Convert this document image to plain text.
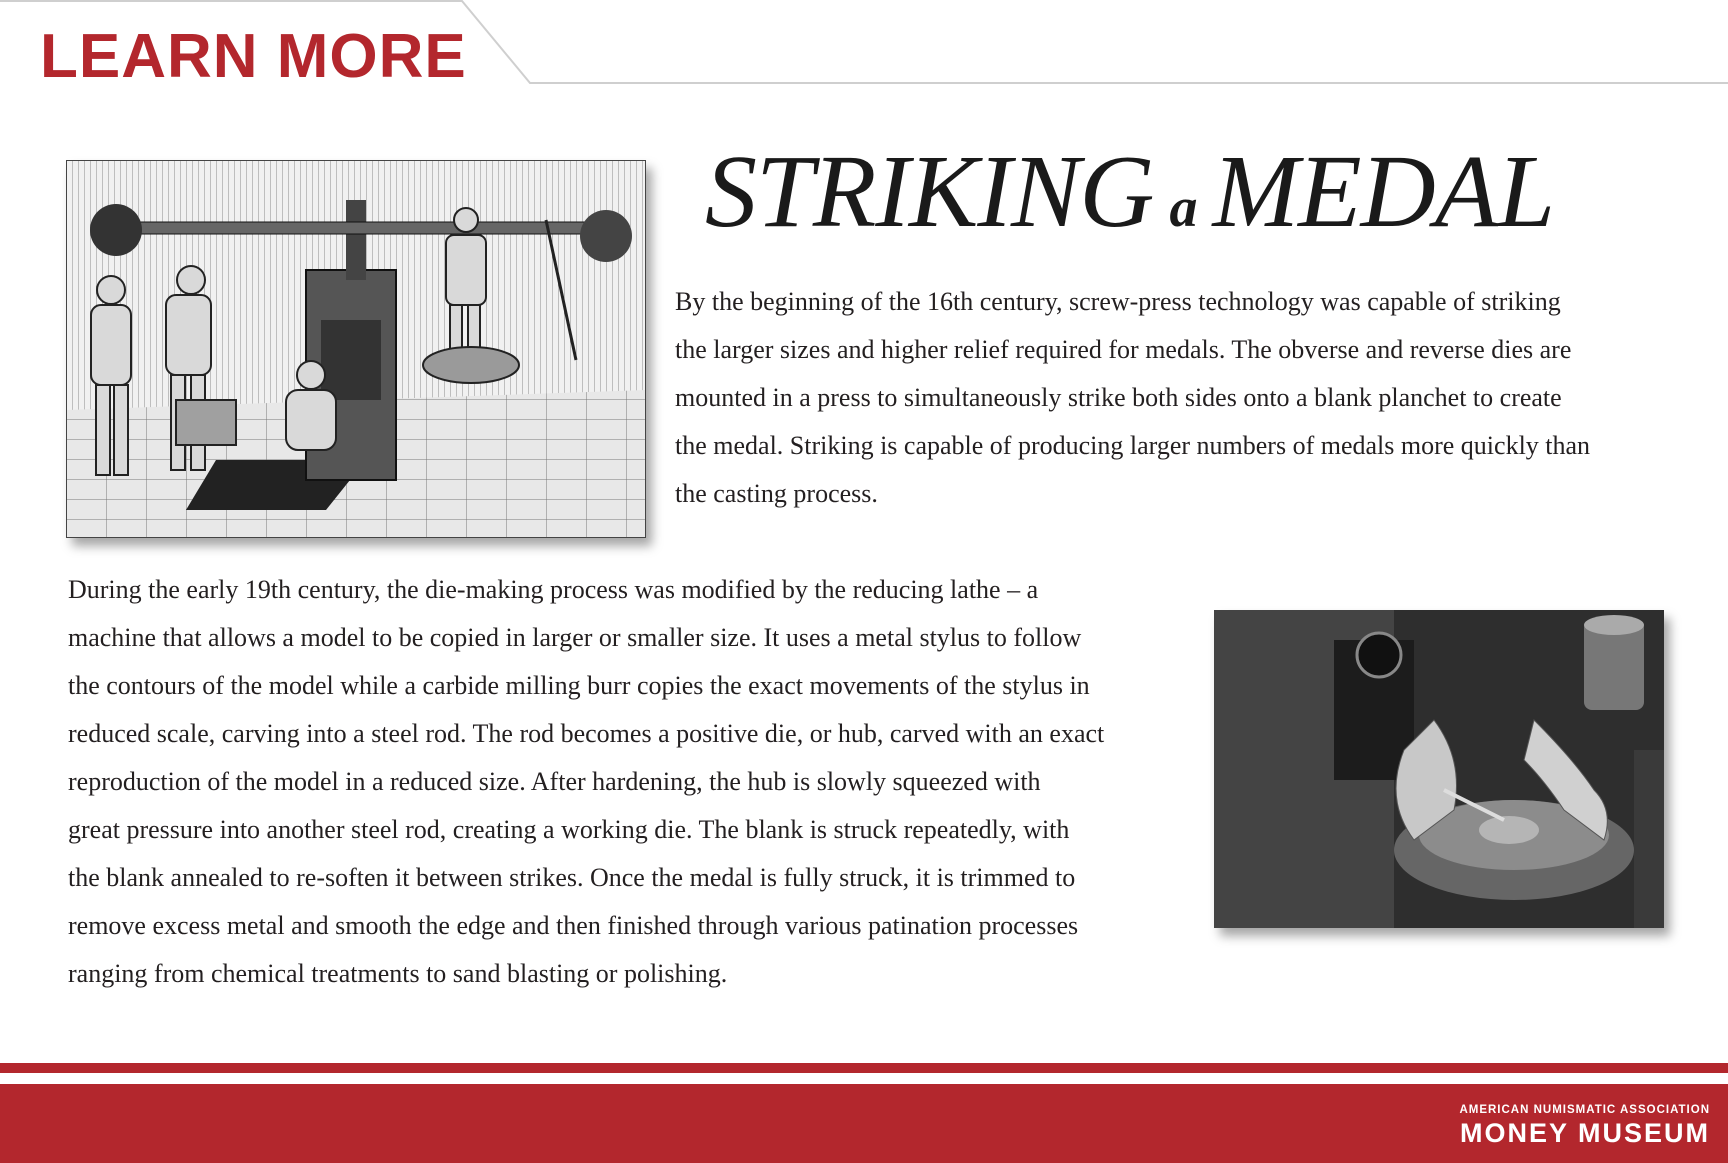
LEARN MORE
STRIKING a MEDAL

By the beginning of the 16th century, screw-press technology was capable of striking
the larger sizes and higher relief required for medals. The obverse and reverse dies are
mounted in a press to simultaneously strike both sides onto a blank planchet to create
the medal. Striking is capable of producing larger numbers of medals more quickly than
the casting process.

During the early 19th century, the die-making process was modified by the reducing lathe – a
machine that allows a model to be copied in larger or smaller size. It uses a metal stylus to follow
the contours of the model while a carbide milling burr copies the exact movements of the stylus in
reduced scale, carving into a steel rod. The rod becomes a positive die, or hub, carved with an exact
reproduction of the model in a reduced size. After hardening, the hub is slowly squeezed with
great pressure into another steel rod, creating a working die. The blank is struck repeatedly, with
the blank annealed to re-soften it between strikes. Once the medal is fully struck, it is trimmed to
remove excess metal and smooth the edge and then finished through various patination processes
ranging from chemical treatments to sand blasting or polishing.

AMERICAN NUMISMATIC ASSOCIATION
MONEY MUSEUM
